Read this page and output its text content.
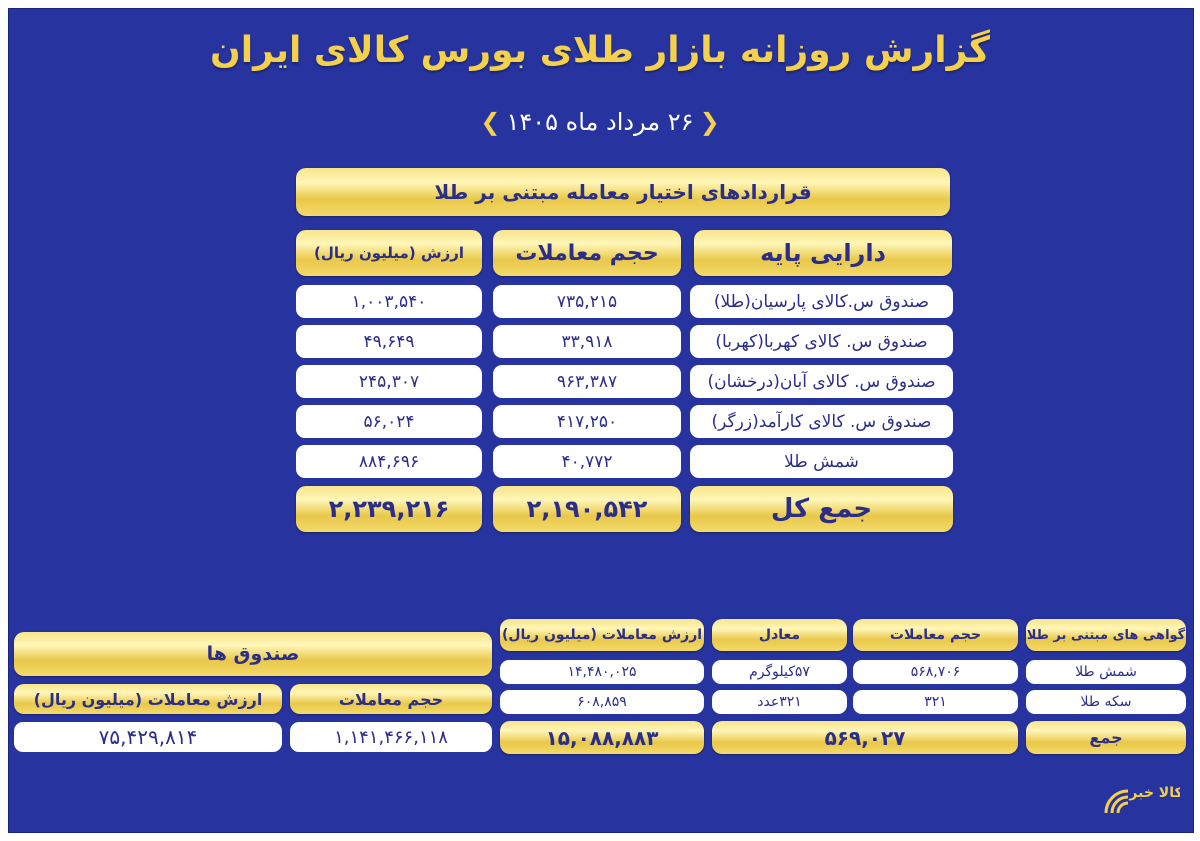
گزارش روزانه بازار طلای بورس کالای ایران
❮۲۶ مرداد ماه ۱۴۰۵❯
قراردادهای اختیار معامله مبتنی بر طلا
دارایی پایه
حجم معاملات
ارزش (میلیون ریال)
صندوق س.کالای پارسیان(طلا)
۷۳۵,۲۱۵
۱,۰۰۳,۵۴۰
صندوق س. کالای کهربا(کهربا)
۳۳,۹۱۸
۴۹,۶۴۹
صندوق س. کالای آبان(درخشان)
۹۶۳,۳۸۷
۲۴۵,۳۰۷
صندوق س. کالای کارآمد(زرگر)
۴۱۷,۲۵۰
۵۶,۰۲۴
شمش طلا
۴۰,۷۷۲
۸۸۴,۶۹۶
جمع کل
۲,۱۹۰,۵۴۲
۲,۲۳۹,۲۱۶
صندوق ها
حجم معاملات
ارزش معاملات (میلیون ریال)
۱,۱۴۱,۴۶۶,۱۱۸
۷۵,۴۲۹,۸۱۴
گواهی های مبتنی بر طلا
حجم معاملات
معادل
ارزش معاملات (میلیون ریال)
شمش طلا
۵۶۸,۷۰۶
۵۷کیلوگرم
۱۴,۴۸۰,۰۲۵
سکه طلا
۳۲۱
۳۲۱عدد
۶۰۸,۸۵۹
جمع
۵۶۹,۰۲۷
۱۵,۰۸۸,۸۸۳
کالا خبر
